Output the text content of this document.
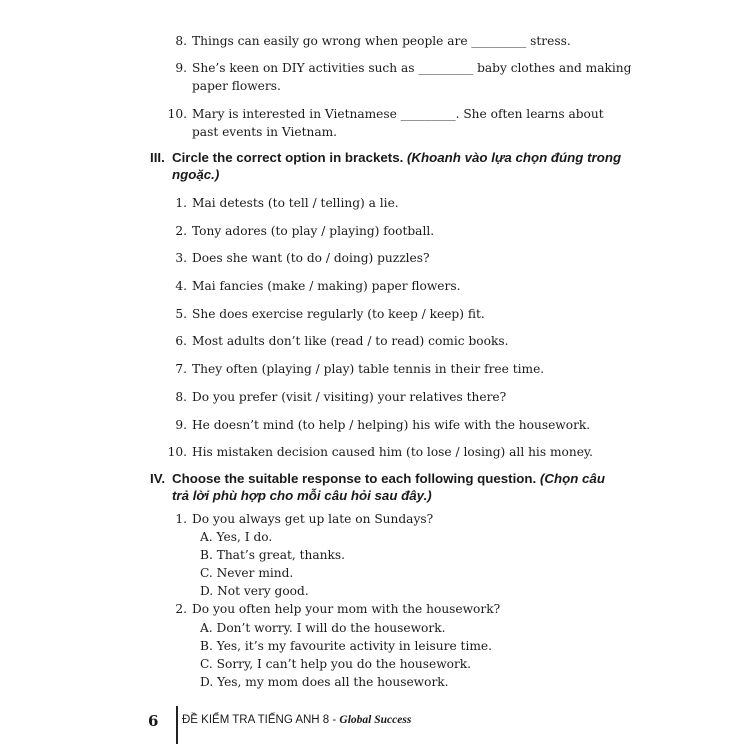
8. Things can easily go wrong when people are _________ stress.
9. She’s keen on DIY activities such as _________ baby clothes and making
paper flowers.
10. Mary is interested in Vietnamese _________. She often learns about
past events in Vietnam.
III. Circle the correct option in brackets. (Khoanh vào lựa chọn đúng trong
ngoặc.)
1. Mai detests (to tell / telling) a lie.
2. Tony adores (to play / playing) football.
3. Does she want (to do / doing) puzzles?
4. Mai fancies (make / making) paper flowers.
5. She does exercise regularly (to keep / keep) fit.
6. Most adults don’t like (read / to read) comic books.
7. They often (playing / play) table tennis in their free time.
8. Do you prefer (visit / visiting) your relatives there?
9. He doesn’t mind (to help / helping) his wife with the housework.
10. His mistaken decision caused him (to lose / losing) all his money.
IV. Choose the suitable response to each following question. (Chọn câu
trả lời phù hợp cho mỗi câu hỏi sau đây.)
1. Do you always get up late on Sundays?
A. Yes, I do.
B. That’s great, thanks.
C. Never mind.
D. Not very good.
2. Do you often help your mom with the housework?
A. Don’t worry. I will do the housework.
B. Yes, it’s my favourite activity in leisure time.
C. Sorry, I can’t help you do the housework.
D. Yes, my mom does all the housework.
6 ĐỀ KIỂM TRA TIẾNG ANH 8 - Global Success
